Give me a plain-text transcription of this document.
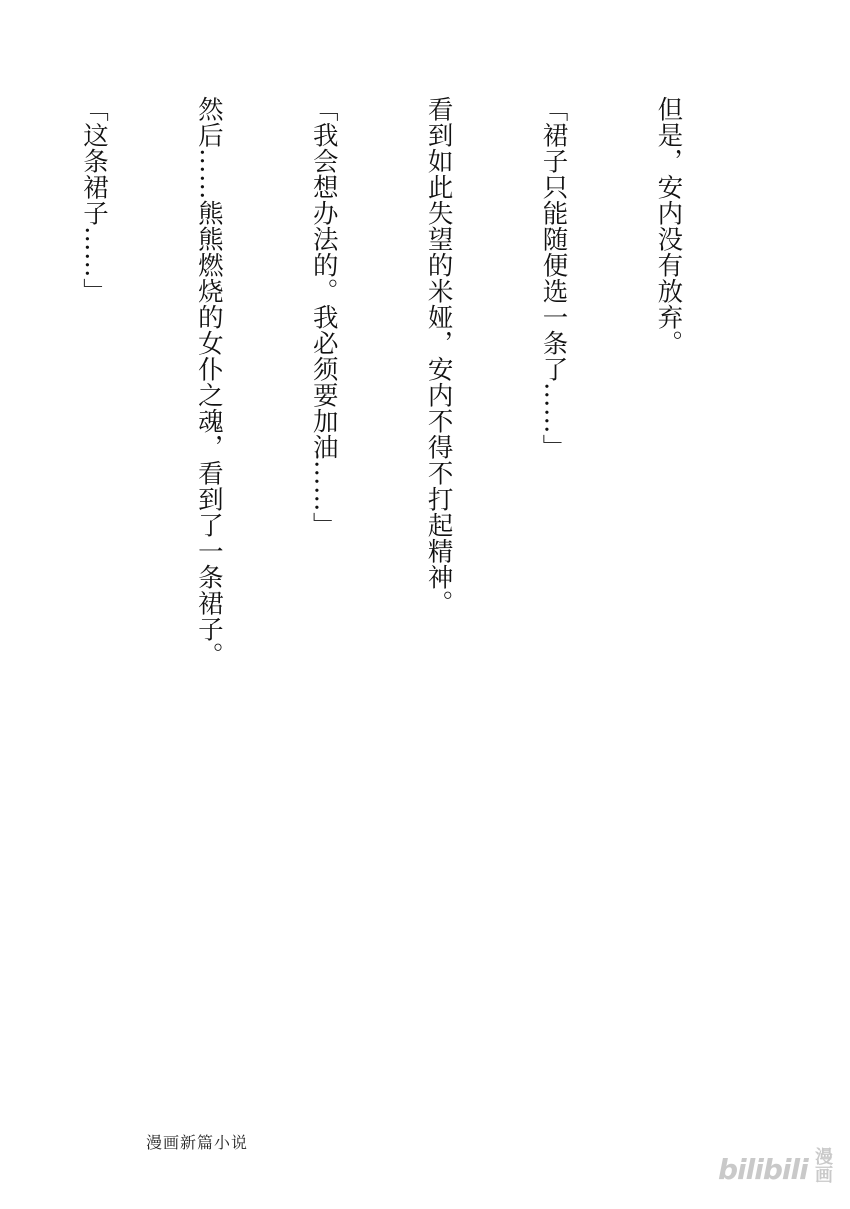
但是，安内没有放弃。

「裙子只能随便选一条了……」

看到如此失望的米娅，安内不得不打起精神。

「我会想办法的。我必须要加油……」

然后……熊熊燃烧的女仆之魂，看到了一条裙子。

「这条裙子……」

漫画新篇小说
bilibili 漫画
